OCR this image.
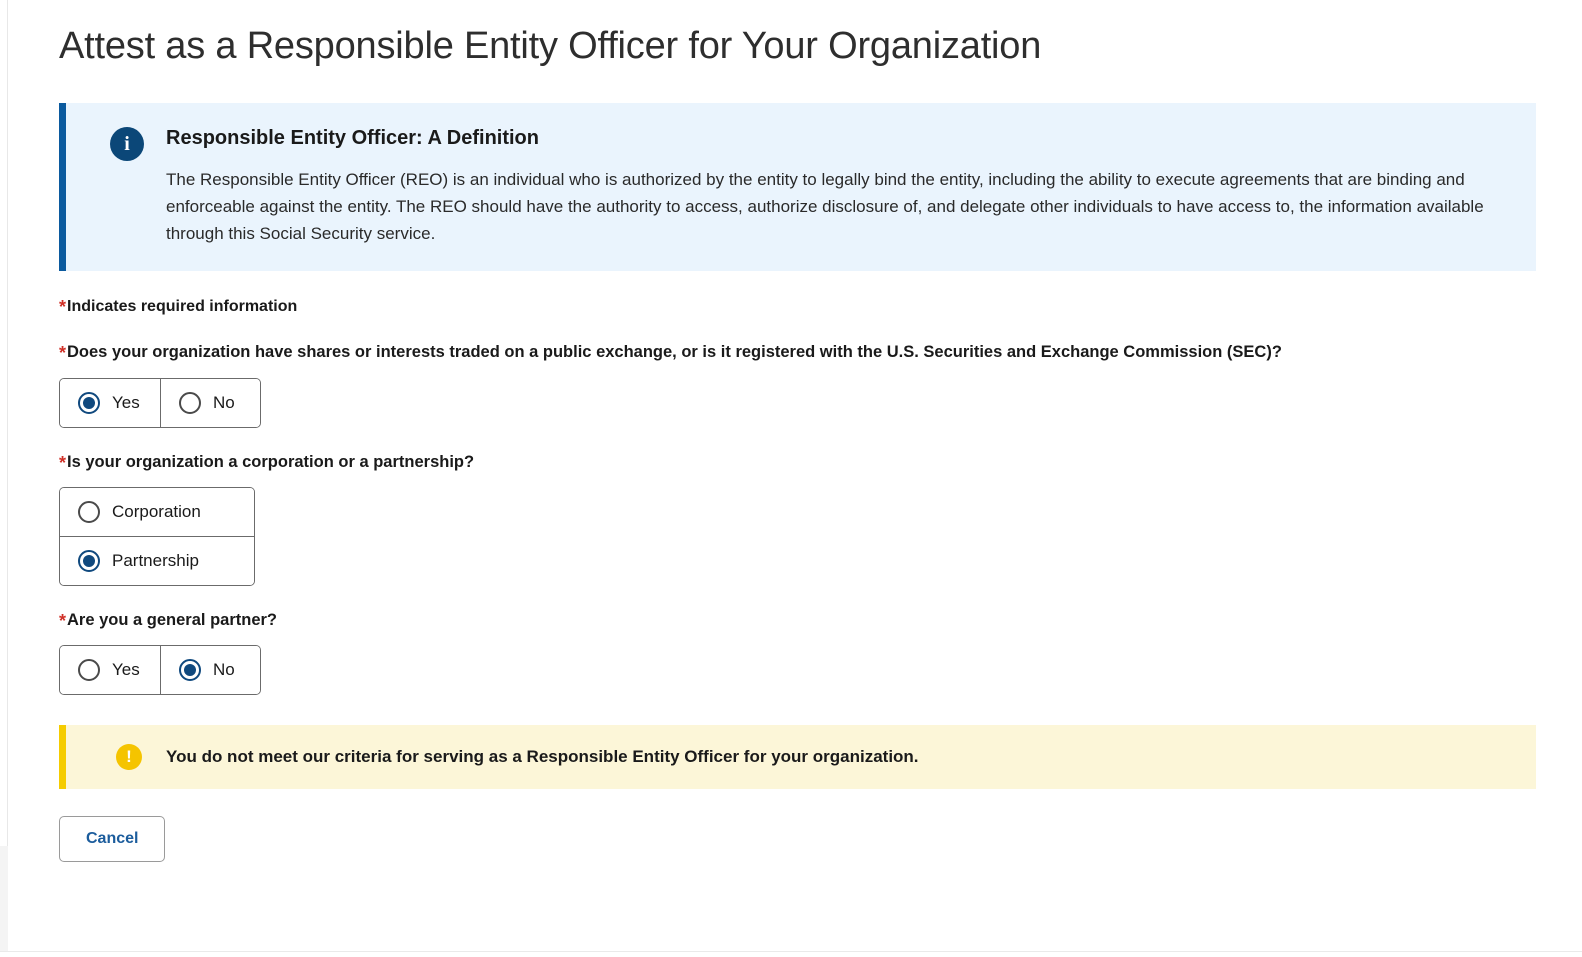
Attest as a Responsible Entity Officer for Your Organization
i	Responsible Entity Officer: A Definition
The Responsible Entity Officer (REO) is an individual who is authorized by the entity to legally bind the entity, including the ability to execute agreements that are binding and enforceable against the entity. The REO should have the authority to access, authorize disclosure of, and delegate other individuals to have access to, the information available through this Social Security service.
*Indicates required information
*Does your organization have shares or interests traded on a public exchange, or is it registered with the U.S. Securities and Exchange Commission (SEC)?
Yes	No
*Is your organization a corporation or a partnership?
Corporation
Partnership
*Are you a general partner?
Yes	No
!	You do not meet our criteria for serving as a Responsible Entity Officer for your organization.
Cancel
